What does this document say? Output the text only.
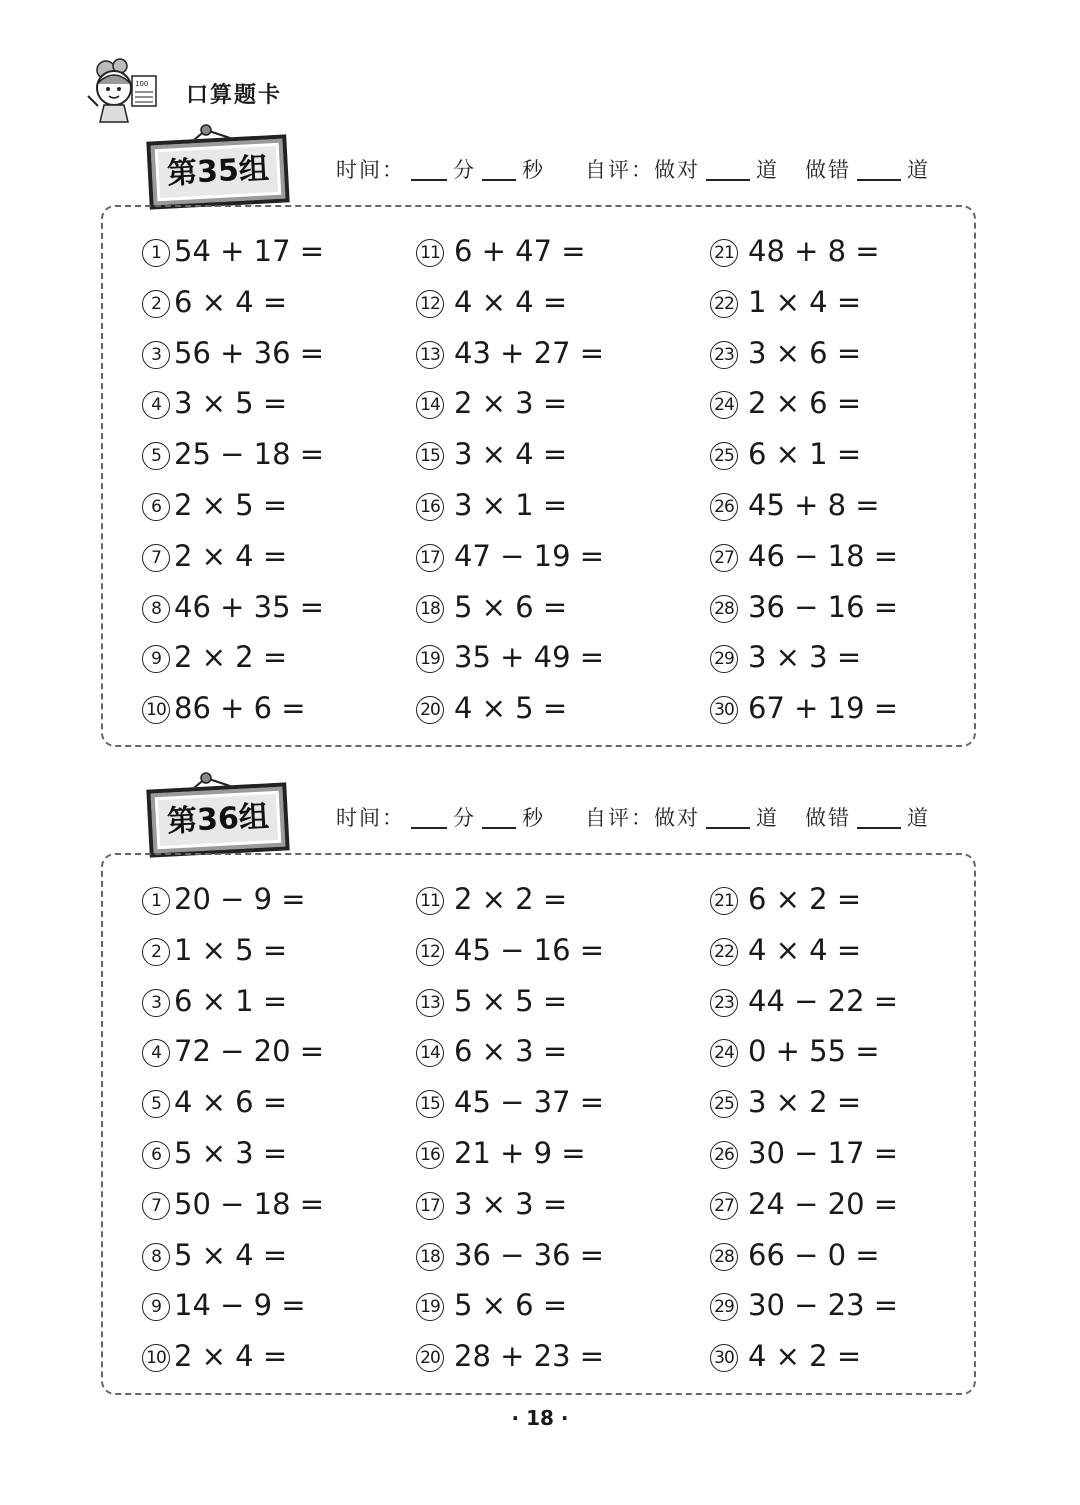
100 口算题卡
第35组	时间： 分 秒 自评：做对	道 做错	道
1 54 + 17 =
2 6 × 4 =
3 56 + 36 =
4 3 × 5 =
5 25 − 18 =
6 2 × 5 =
7 2 × 4 =
8 46 + 35 =
9 2 × 2 =
10 86 + 6 =
11 6 + 47 =
12 4 × 4 =
13 43 + 27 =
14 2 × 3 =
15 3 × 4 =
16 3 × 1 =
17 47 − 19 =
18 5 × 6 =
19 35 + 49 =
20 4 × 5 =
21 48 + 8 =
22 1 × 4 =
23 3 × 6 =
24 2 × 6 =
25 6 × 1 =
26 45 + 8 =
27 46 − 18 =
28 36 − 16 =
29 3 × 3 =
30 67 + 19 =
第36组	时间： 分 秒 自评：做对	道 做错	道
1 20 − 9 =
2 1 × 5 =
3 6 × 1 =
4 72 − 20 =
5 4 × 6 =
6 5 × 3 =
7 50 − 18 =
8 5 × 4 =
9 14 − 9 =
10 2 × 4 =
11 2 × 2 =
12 45 − 16 =
13 5 × 5 =
14 6 × 3 =
15 45 − 37 =
16 21 + 9 =
17 3 × 3 =
18 36 − 36 =
19 5 × 6 =
20 28 + 23 =
21 6 × 2 =
22 4 × 4 =
23 44 − 22 =
24 0 + 55 =
25 3 × 2 =
26 30 − 17 =
27 24 − 20 =
28 66 − 0 =
29 30 − 23 =
30 4 × 2 =
· 18 ·
